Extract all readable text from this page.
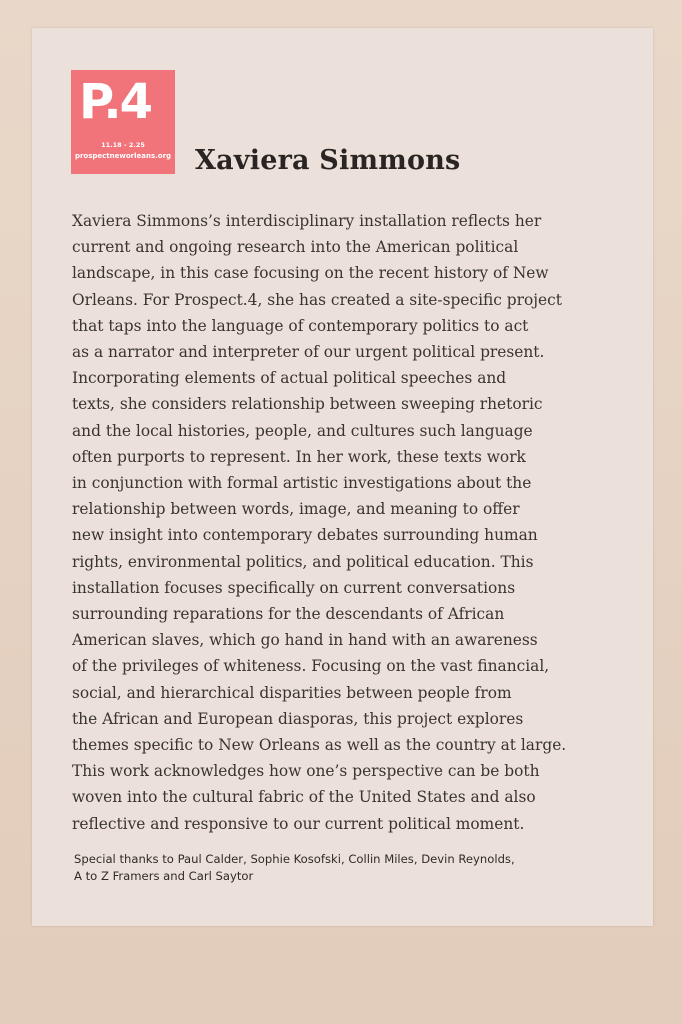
P.4
11.18 - 2.25
prospectneworleans.org Xaviera Simmons
Xaviera Simmons’s interdisciplinary installation reflects her
current and ongoing research into the American political
landscape, in this case focusing on the recent history of New
Orleans. For Prospect.4, she has created a site-specific project
that taps into the language of contemporary politics to act
as a narrator and interpreter of our urgent political present.
Incorporating elements of actual political speeches and
texts, she considers relationship between sweeping rhetoric
and the local histories, people, and cultures such language
often purports to represent. In her work, these texts work
in conjunction with formal artistic investigations about the
relationship between words, image, and meaning to offer
new insight into contemporary debates surrounding human
rights, environmental politics, and political education. This
installation focuses specifically on current conversations
surrounding reparations for the descendants of African
American slaves, which go hand in hand with an awareness
of the privileges of whiteness. Focusing on the vast financial,
social, and hierarchical disparities between people from
the African and European diasporas, this project explores
themes specific to New Orleans as well as the country at large.
This work acknowledges how one’s perspective can be both
woven into the cultural fabric of the United States and also
reflective and responsive to our current political moment.
Special thanks to Paul Calder, Sophie Kosofski, Collin Miles, Devin Reynolds,
A to Z Framers and Carl Saytor
